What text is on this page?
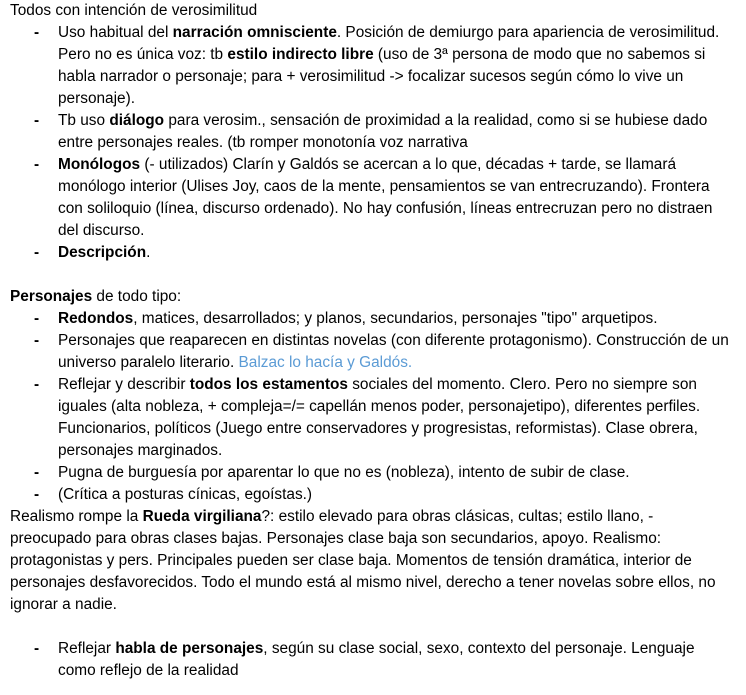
Todos con intención de verosimilitud

- Uso habitual del narración omnisciente. Posición de demiurgo para apariencia de verosimilitud. Pero no es única voz: tb estilo indirecto libre (uso de 3ª persona de modo que no sabemos si habla narrador o personaje; para + verosimilitud -> focalizar sucesos según cómo lo vive un personaje).
- Tb uso diálogo para verosim., sensación de proximidad a la realidad, como si se hubiese dado entre personajes reales. (tb romper monotonía voz narrativa
- Monólogos (- utilizados) Clarín y Galdós se acercan a lo que, décadas + tarde, se llamará monólogo interior (Ulises Joy, caos de la mente, pensamientos se van entrecruzando). Frontera con soliloquio (línea, discurso ordenado). No hay confusión, líneas entrecruzan pero no distraen del discurso.
- Descripción.

Personajes de todo tipo:

- Redondos, matices, desarrollados; y planos, secundarios, personajes "tipo" arquetipos.
- Personajes que reaparecen en distintas novelas (con diferente protagonismo). Construcción de un universo paralelo literario. Balzac lo hacía y Galdós.
- Reflejar y describir todos los estamentos sociales del momento. Clero. Pero no siempre son iguales (alta nobleza, + compleja=/= capellán menos poder, personajetipo), diferentes perfiles. Funcionarios, políticos (Juego entre conservadores y progresistas, reformistas). Clase obrera, personajes marginados.
- Pugna de burguesía por aparentar lo que no es (nobleza), intento de subir de clase.
- (Crítica a posturas cínicas, egoístas.)

Realismo rompe la Rueda virgiliana?: estilo elevado para obras clásicas, cultas; estilo llano, - preocupado para obras clases bajas. Personajes clase baja son secundarios, apoyo. Realismo: protagonistas y pers. Principales pueden ser clase baja. Momentos de tensión dramática, interior de personajes desfavorecidos. Todo el mundo está al mismo nivel, derecho a tener novelas sobre ellos, no ignorar a nadie.

- Reflejar habla de personajes, según su clase social, sexo, contexto del personaje. Lenguaje como reflejo de la realidad
